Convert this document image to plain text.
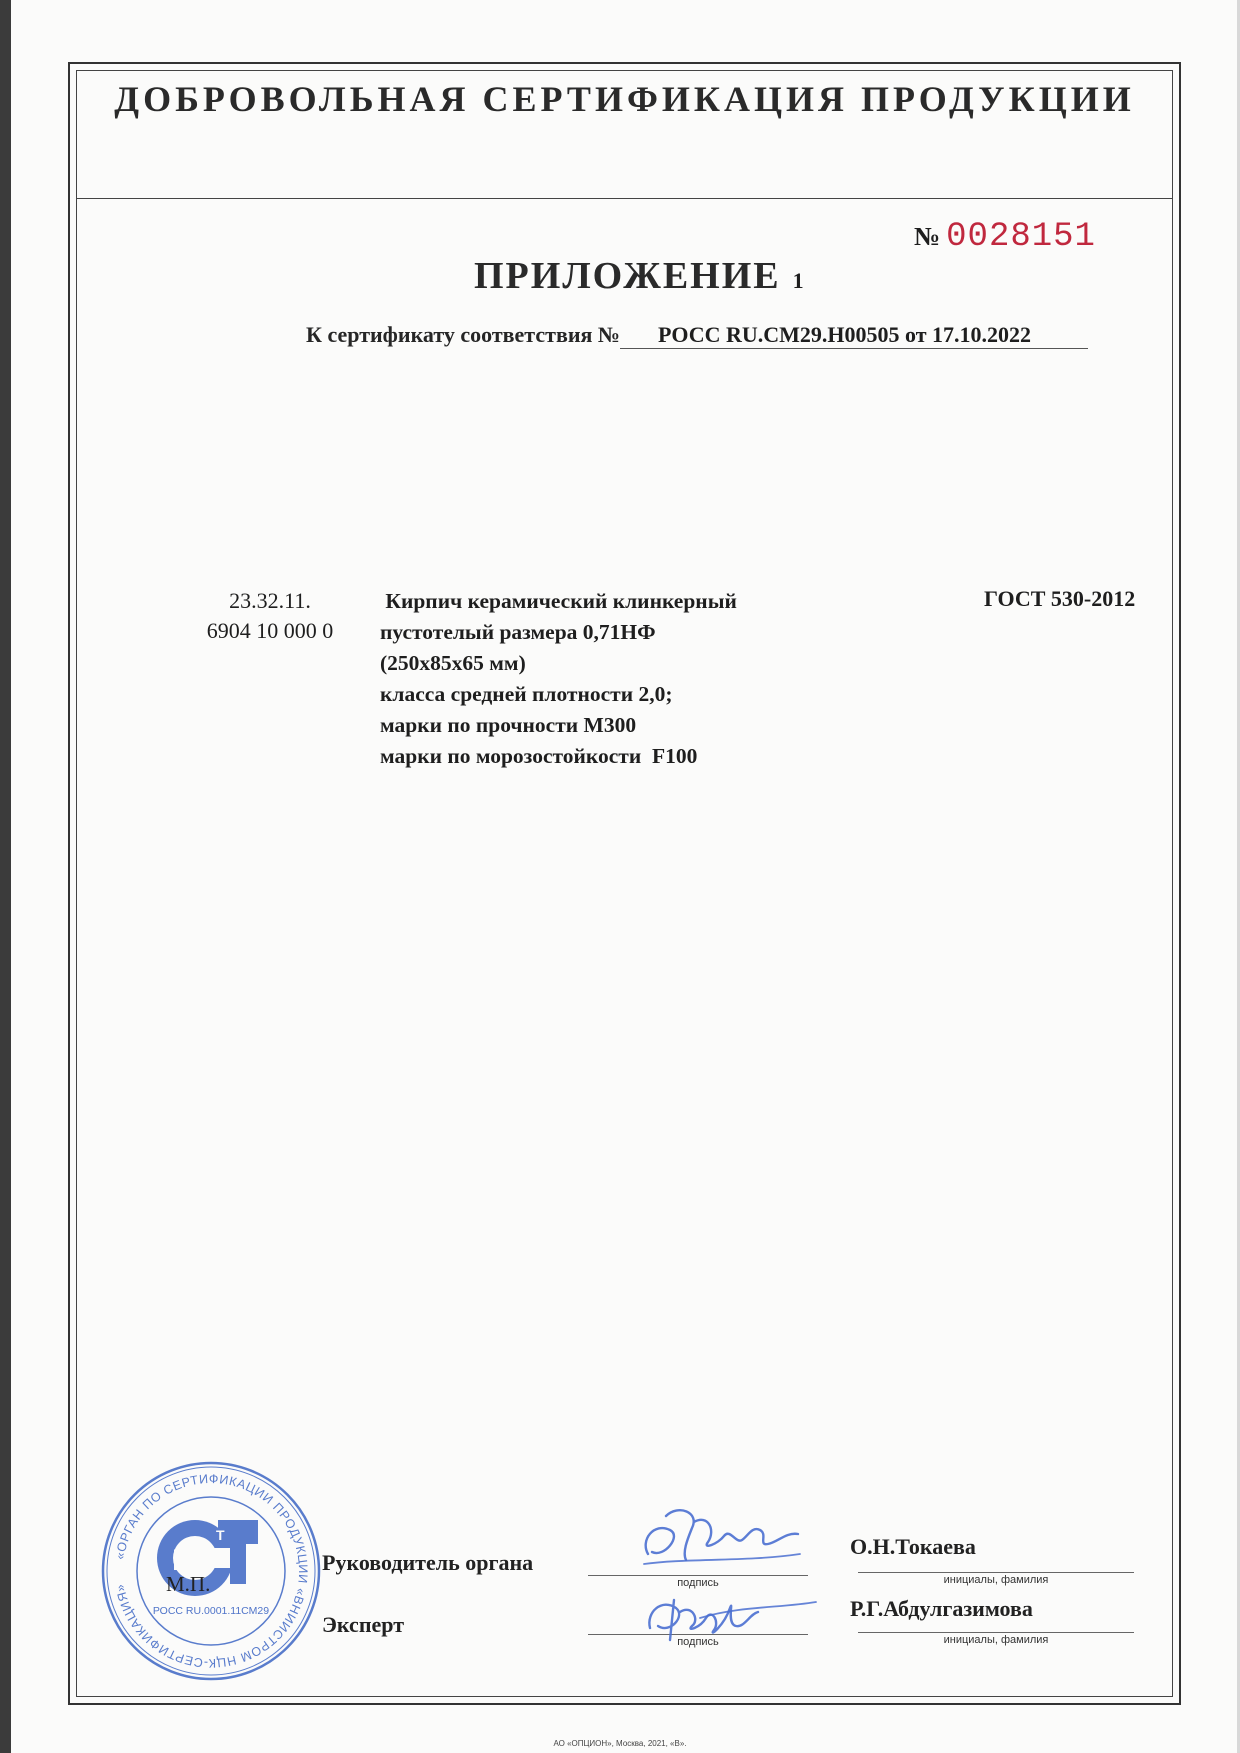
ДОБРОВОЛЬНАЯ СЕРТИФИКАЦИЯ ПРОДУКЦИИ
№ 0028151
ПРИЛОЖЕНИЕ 1
К сертификату соответствия № РОСС RU.СМ29.Н00505 от 17.10.2022
23.32.11.
6904 10 000 0
Кирпич керамический клинкерный
пустотелый размера 0,71НФ
(250х85х65 мм)
класса средней плотности 2,0;
марки по прочности М300
марки по морозостойкости  F100
ГОСТ 530-2012
«ОРГАН ПО СЕРТИФИКАЦИИ ПРОДУКЦИИ «ВНИИСТРОМ НЦК-СЕРТИФИКАЦИЯ»
Р
Т
РОСС RU.0001.11СМ29
М.П.
Руководитель органа
подпись
О.Н.Токаева
инициалы, фамилия
Эксперт
подпись
Р.Г.Абдулгазимова
инициалы, фамилия
АО «ОПЦИОН», Москва, 2021, «В».
